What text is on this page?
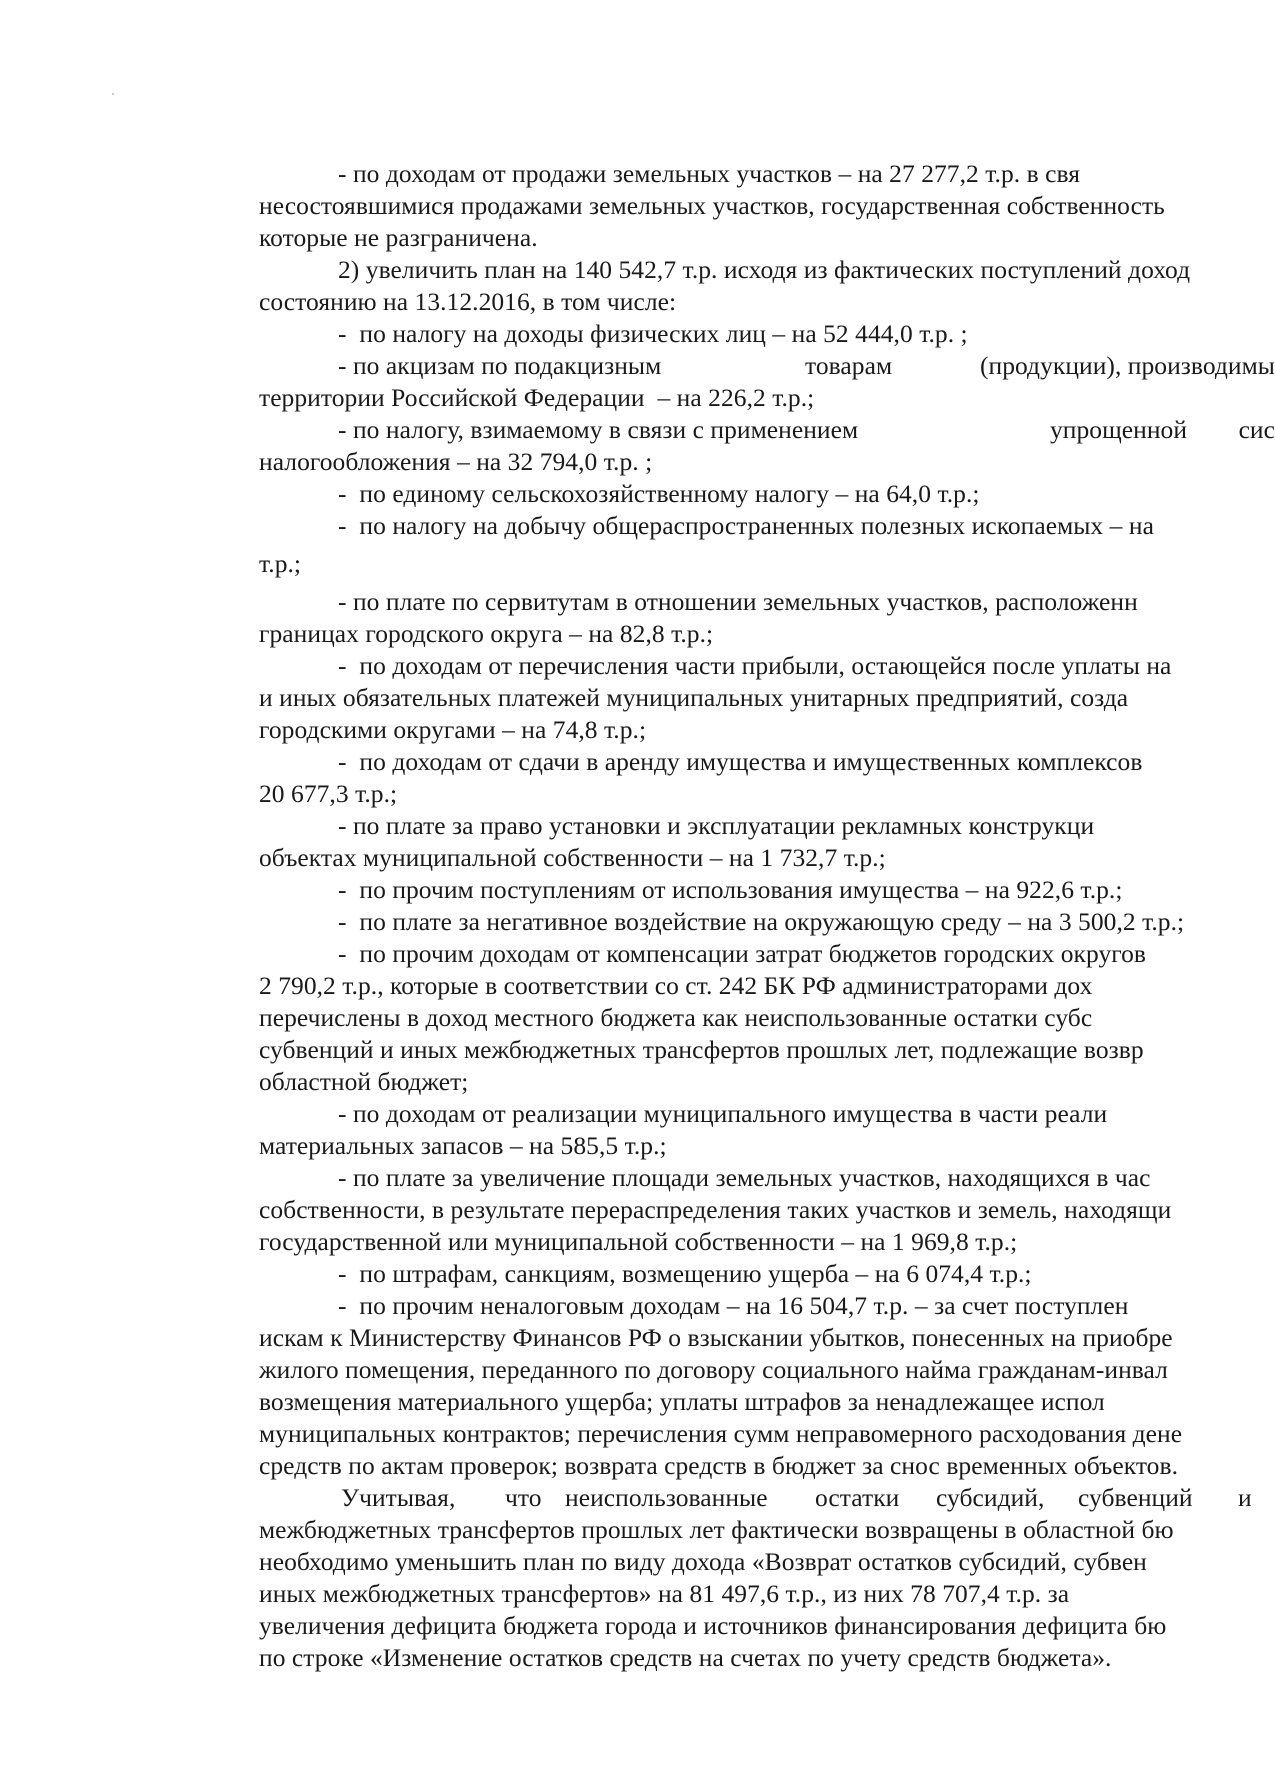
- по доходам от продажи земельных участков – на 27 277,2 т.р. в свя
несостоявшимися продажами земельных участков, государственная собственность
которые не разграничена.
2) увеличить план на 140 542,7 т.р. исходя из фактических поступлений доход
состоянию на 13.12.2016, в том числе:
-  по налогу на доходы физических лиц – на 52 444,0 т.р. ;

- по акцизам по подакцизным

	товарам

	(продукции), производимы

территории Российской Федерации  – на 226,2 т.р.;

- по налогу, взимаемому в связи с применением

	упрощенной

сис

налогообложения – на 32 794,0 т.р. ;
-  по единому сельскохозяйственному налогу – на 64,0 т.р.;
-  по налогу на добычу общераспространенных полезных ископаемых – на
т.р.;
- по плате по сервитутам в отношении земельных участков, расположенн
границах городского округа – на 82,8 т.р.;
-  по доходам от перечисления части прибыли, остающейся после уплаты на
и иных обязательных платежей муниципальных унитарных предприятий, созда
городскими округами – на 74,8 т.р.;
-  по доходам от сдачи в аренду имущества и имущественных комплексов
20 677,3 т.р.;
- по плате за право установки и эксплуатации рекламных конструкци
объектах муниципальной собственности – на 1 732,7 т.р.;
-  по прочим поступлениям от использования имущества – на 922,6 т.р.;
-  по плате за негативное воздействие на окружающую среду – на 3 500,2 т.р.;
-  по прочим доходам от компенсации затрат бюджетов городских округов
2 790,2 т.р., которые в соответствии со ст. 242 БК РФ администраторами дох
перечислены в доход местного бюджета как неиспользованные остатки субс
субвенций и иных межбюджетных трансфертов прошлых лет, подлежащие возвр
областной бюджет;
- по доходам от реализации муниципального имущества в части реали
материальных запасов – на 585,5 т.р.;
- по плате за увеличение площади земельных участков, находящихся в час
собственности, в результате перераспределения таких участков и земель, находящи
государственной или муниципальной собственности – на 1 969,8 т.р.;
-  по штрафам, санкциям, возмещению ущерба – на 6 074,4 т.р.;
-  по прочим неналоговым доходам – на 16 504,7 т.р. – за счет поступлен
искам к Министерству Финансов РФ о взыскании убытков, понесенных на приобре
жилого помещения, переданного по договору социального найма гражданам-инвал
возмещения материального ущерба; уплаты штрафов за ненадлежащее испол
муниципальных контрактов; перечисления сумм неправомерного расходования дене
средств по актам проверок; возврата средств в бюджет за снос временных объектов.

Учитывая,

что

неиспользованные

остатки

субсидий,

субвенций

и

межбюджетных трансфертов прошлых лет фактически возвращены в областной бю
необходимо уменьшить план по виду дохода «Возврат остатков субсидий, субвен
иных межбюджетных трансфертов» на 81 497,6 т.р., из них 78 707,4 т.р. за
увеличения дефицита бюджета города и источников финансирования дефицита бю
по строке «Изменение остатков средств на счетах по учету средств бюджета».
